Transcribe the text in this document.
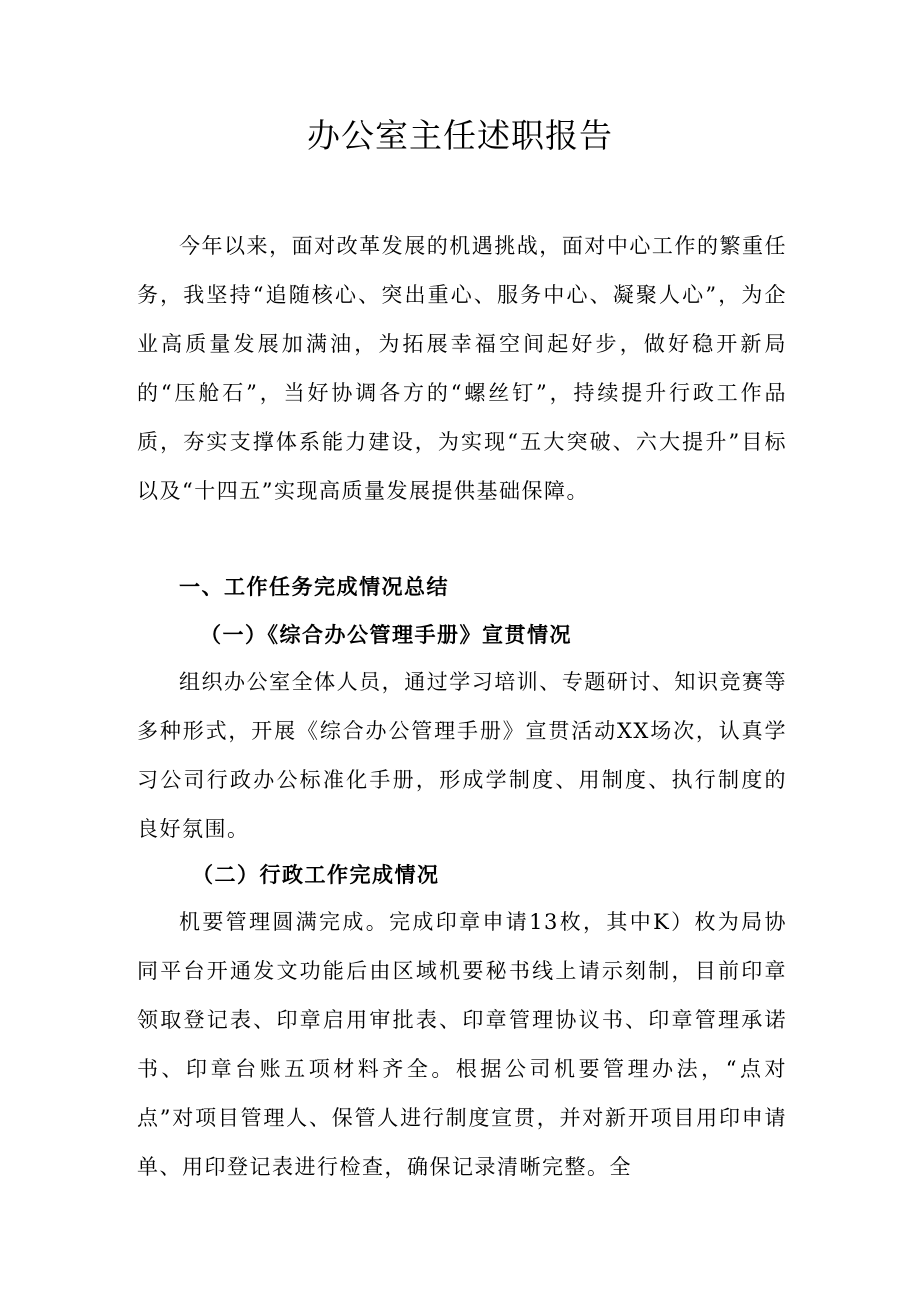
办公室主任述职报告

今年以来，面对改革发展的机遇挑战，面对中心工作的繁重任务，我坚持“追随核心、突出重心、服务中心、凝聚人心”，为企业高质量发展加满油，为拓展幸福空间起好步，做好稳开新局的“压舱石”，当好协调各方的“螺丝钉”，持续提升行政工作品质，夯实支撑体系能力建设，为实现“五大突破、六大提升”目标以及“十四五”实现高质量发展提供基础保障。

一、工作任务完成情况总结

（一）《综合办公管理手册》宣贯情况

组织办公室全体人员，通过学习培训、专题研讨、知识竞赛等多种形式，开展《综合办公管理手册》宣贯活动XX场次，认真学习公司行政办公标准化手册，形成学制度、用制度、执行制度的良好氛围。

（二）行政工作完成情况

机要管理圆满完成。完成印章申请13枚，其中K）枚为局协同平台开通发文功能后由区域机要秘书线上请示刻制，目前印章领取登记表、印章启用审批表、印章管理协议书、印章管理承诺书、印章台账五项材料齐全。根据公司机要管理办法，“点对点”对项目管理人、保管人进行制度宣贯，并对新开项目用印申请单、用印登记表进行检查，确保记录清晰完整。全
